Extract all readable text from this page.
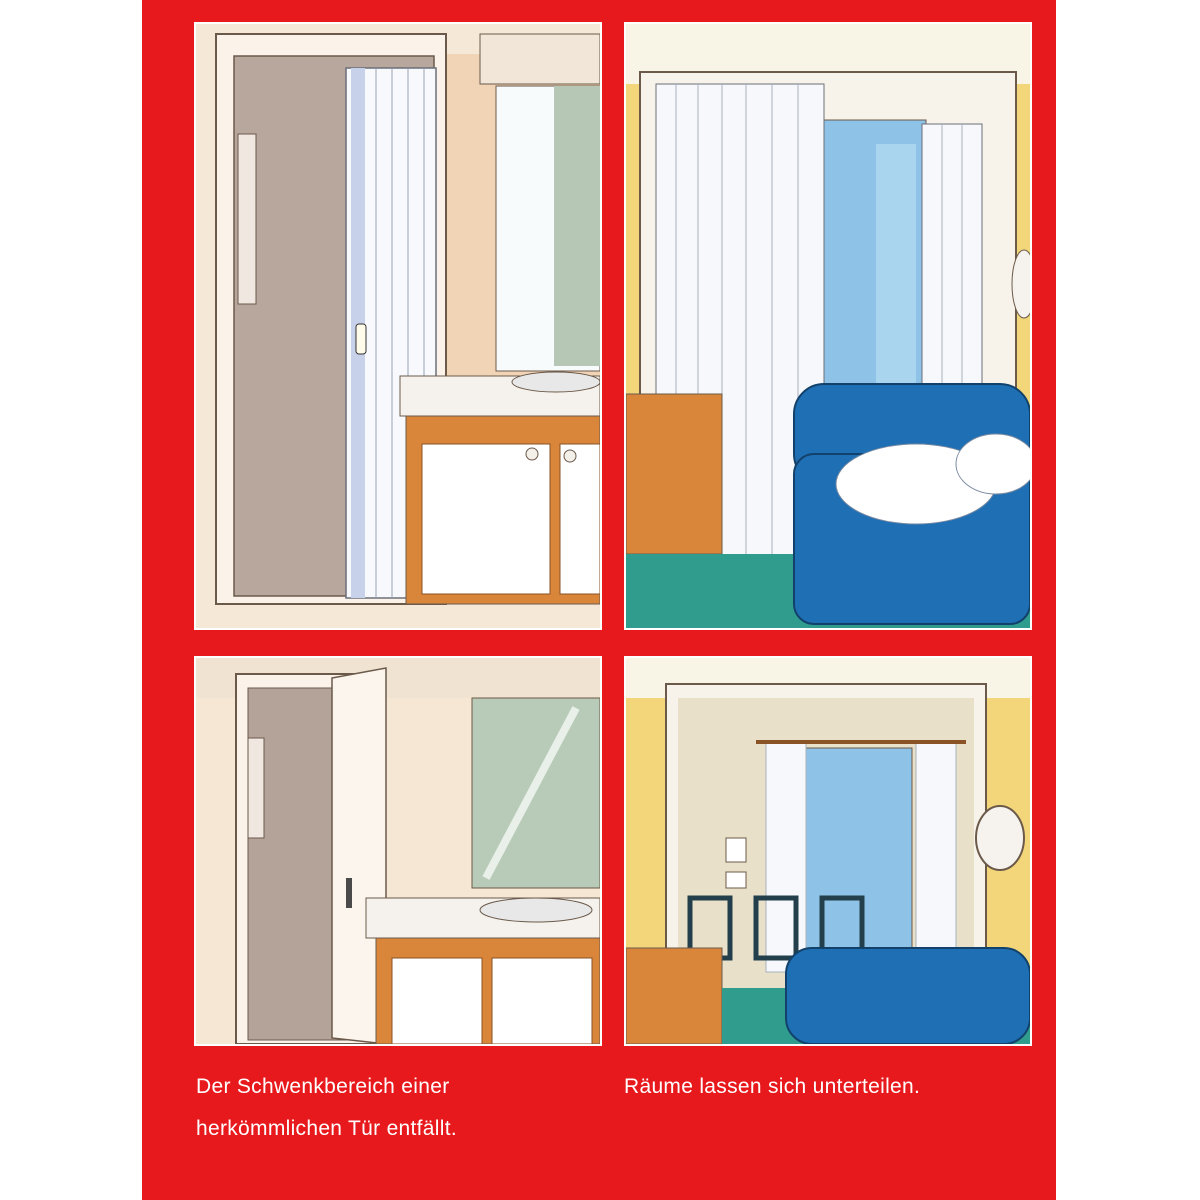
Der Schwenkbereich einer
herkömmlichen Tür entfällt.
Räume lassen sich unterteilen.
